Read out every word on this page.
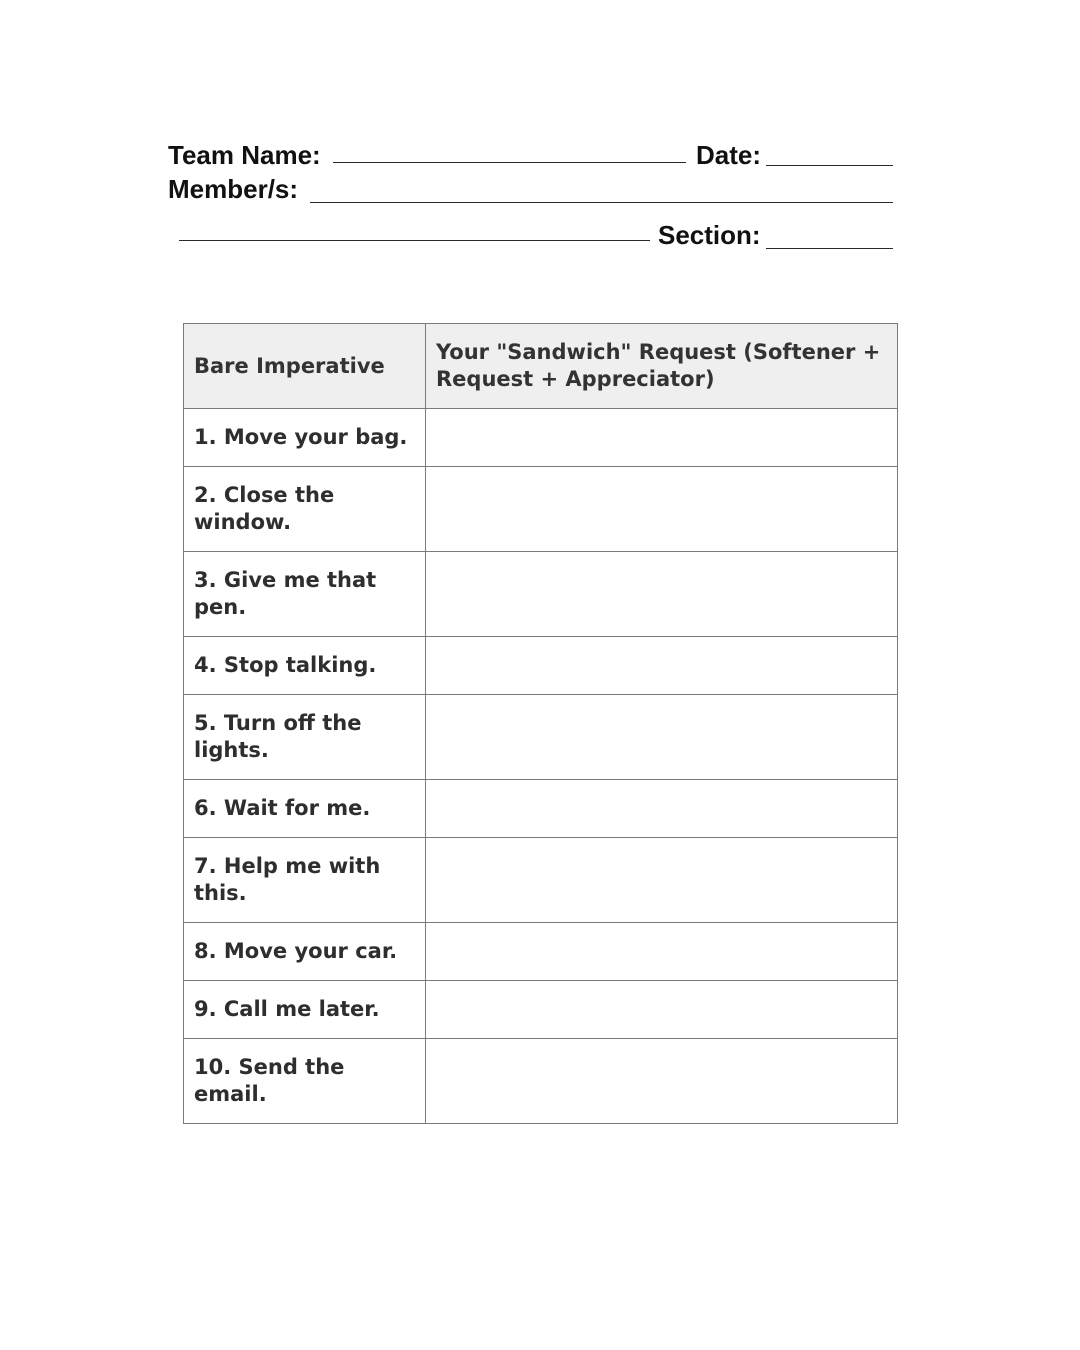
Team Name:	Date:
Member/s:
Section:
Bare Imperative	Your "Sandwich" Request (Softener + Request + Appreciator)
1. Move your bag.	
2. Close the window.	
3. Give me that pen.	
4. Stop talking.	
5. Turn off the lights.	
6. Wait for me.	
7. Help me with this.	
8. Move your car.	
9. Call me later.	
10. Send the email.	
